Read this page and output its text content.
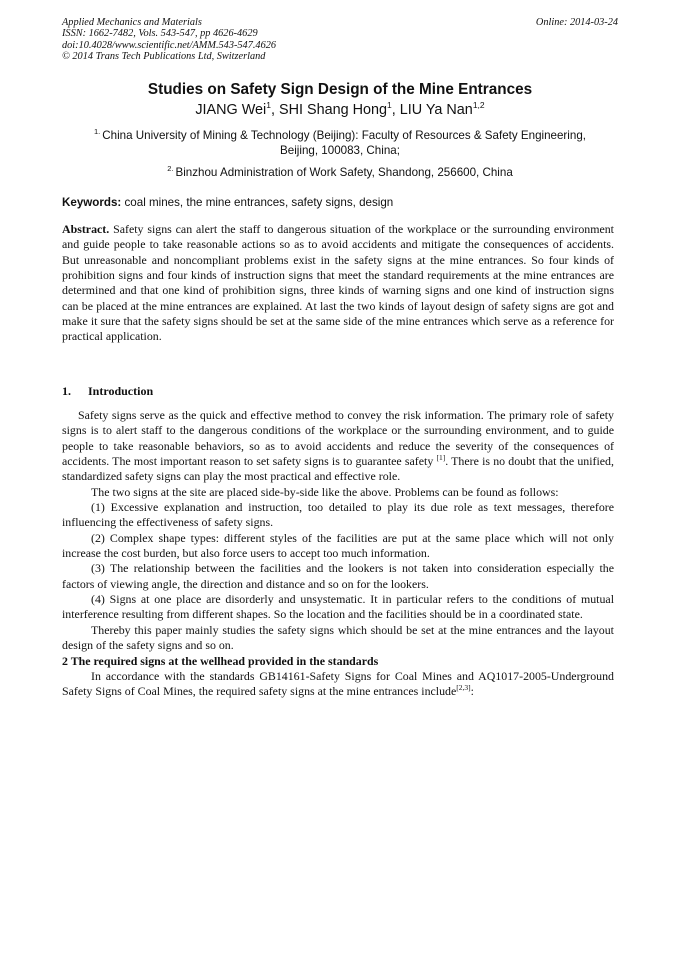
Applied Mechanics and Materials
ISSN: 1662-7482, Vols. 543-547, pp 4626-4629
doi:10.4028/www.scientific.net/AMM.543-547.4626
© 2014 Trans Tech Publications Ltd, Switzerland
Online: 2014-03-24
Studies on Safety Sign Design of the Mine Entrances
JIANG Wei$^1$, SHI Shang Hong$^1$, LIU Ya Nan$^{1,2}$
$^{1.}$ China University of Mining & Technology (Beijing): Faculty of Resources & Safety Engineering,
Beijing, 100083, China;
$^{2.}$ Binzhou Administration of Work Safety, Shandong, 256600, China
Keywords: coal mines, the mine entrances, safety signs, design
Abstract. Safety signs can alert the staff to dangerous situation of the workplace or the surrounding environment and guide people to take reasonable actions so as to avoid accidents and mitigate the consequences of accidents. But unreasonable and noncompliant problems exist in the safety signs at the mine entrances. So four kinds of prohibition signs and four kinds of instruction signs that meet the standard requirements at the mine entrances are determined and that one kind of prohibition signs, three kinds of warning signs and one kind of instruction signs can be placed at the mine entrances are explained. At last the two kinds of layout design of safety signs are got and make it sure that the safety signs should be set at the same side of the mine entrances which serve as a reference for practical application.
1. Introduction

Safety signs serve as the quick and effective method to convey the risk information. The primary role of safety signs is to alert staff to the dangerous conditions of the workplace or the surrounding environment, and to guide people to take reasonable behaviors, so as to avoid accidents and reduce the severity of the consequences of accidents. The most important reason to set safety signs is to guarantee safety [1]. There is no doubt that the unified, standardized safety signs can play the most practical and effective role.

The two signs at the site are placed side-by-side like the above. Problems can be found as follows:

(1) Excessive explanation and instruction, too detailed to play its due role as text messages, therefore influencing the effectiveness of safety signs.

(2) Complex shape types: different styles of the facilities are put at the same place which will not only increase the cost burden, but also force users to accept too much information.

(3) The relationship between the facilities and the lookers is not taken into consideration especially the factors of viewing angle, the direction and distance and so on for the lookers.

(4) Signs at one place are disorderly and unsystematic. It in particular refers to the conditions of mutual interference resulting from different shapes. So the location and the facilities should be in a coordinated state.

Thereby this paper mainly studies the safety signs which should be set at the mine entrances and the layout design of the safety signs and so on.

2 The required signs at the wellhead provided in the standards

In accordance with the standards GB14161-Safety Signs for Coal Mines and AQ1017-2005-Underground Safety Signs of Coal Mines, the required safety signs at the mine entrances include[2,3]:
